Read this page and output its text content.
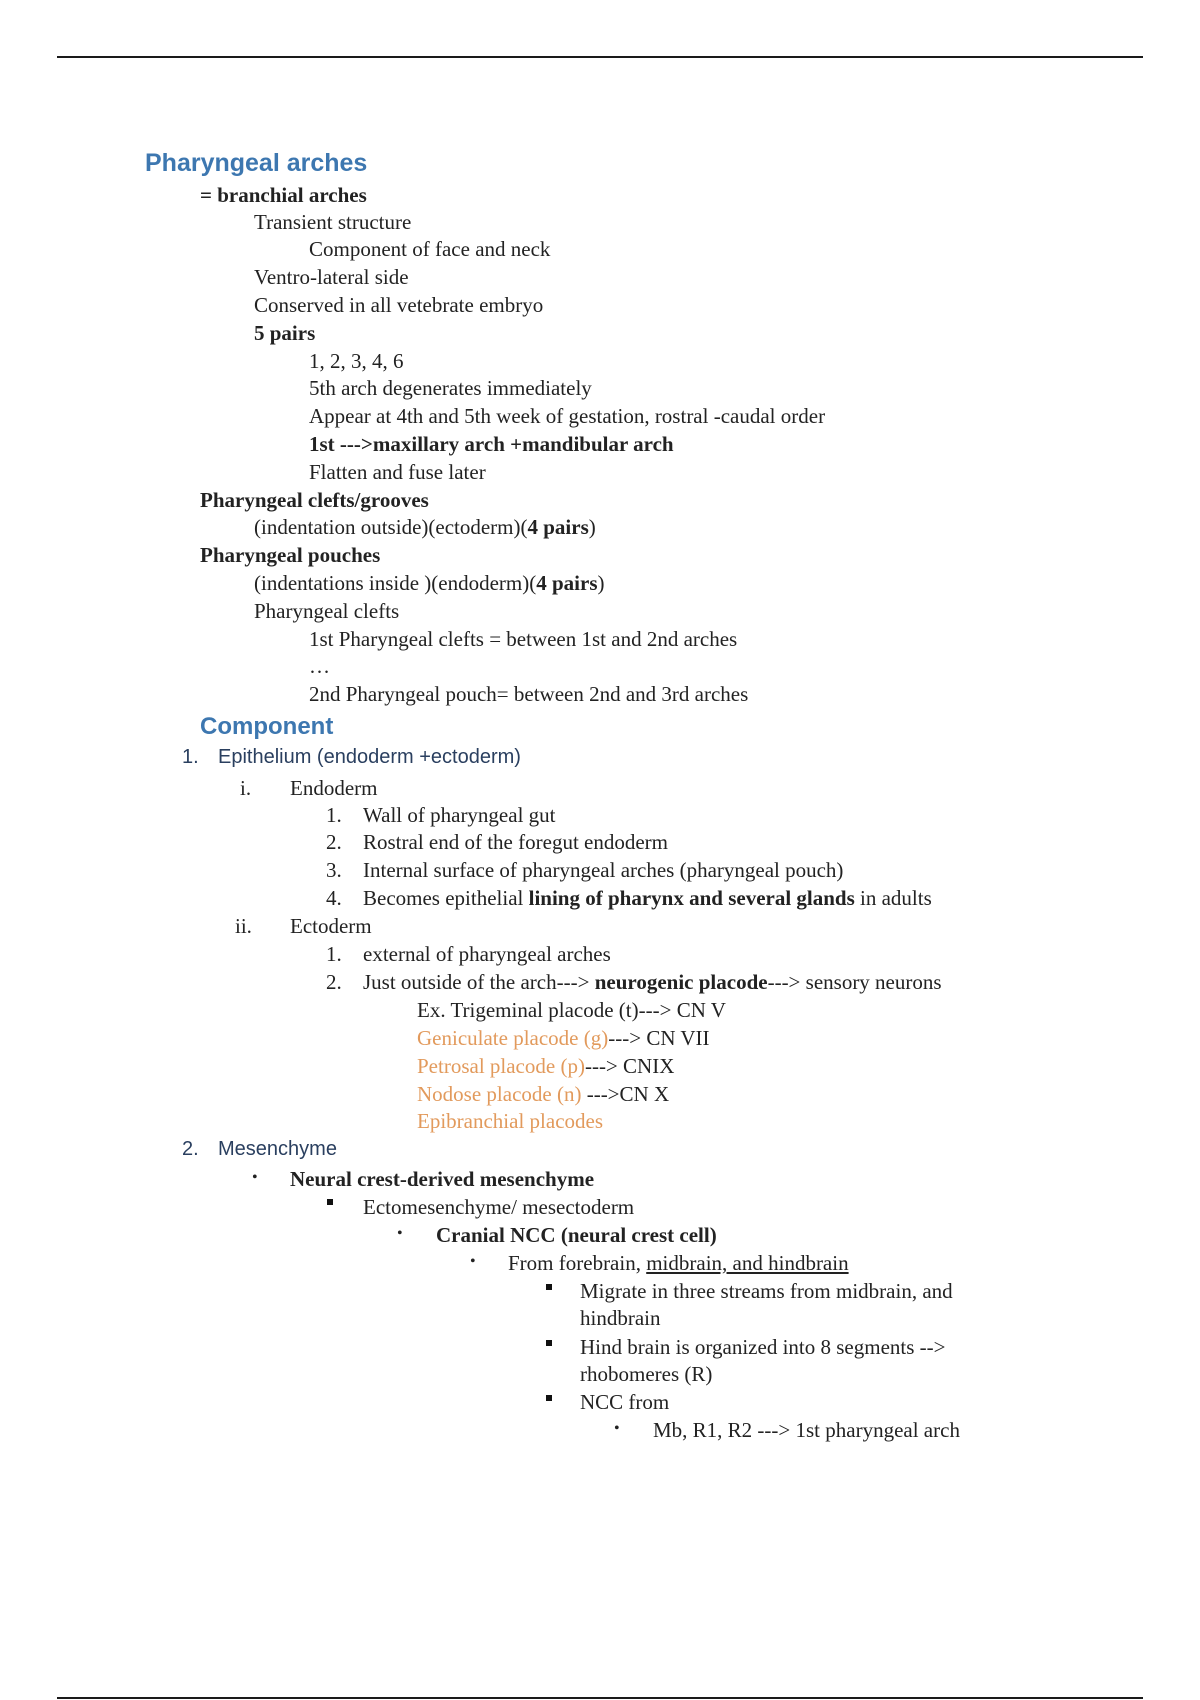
Pharyngeal arches
= branchial arches
Transient structure
Component of face and neck
Ventro-lateral side
Conserved in all vetebrate embryo
5 pairs
1, 2, 3, 4, 6
5th arch degenerates immediately
Appear at 4th and 5th week of gestation, rostral -caudal order
1st --->maxillary arch +mandibular arch
Flatten and fuse later
Pharyngeal clefts/grooves
(indentation outside)(ectoderm)(4 pairs)
Pharyngeal pouches
(indentations inside )(endoderm)(4 pairs)
Pharyngeal clefts
1st Pharyngeal clefts = between 1st and 2nd arches
…
2nd Pharyngeal pouch= between 2nd and 3rd arches
Component
1. Epithelium (endoderm +ectoderm)
i. Endoderm
1. Wall of pharyngeal gut
2. Rostral end of the foregut endoderm
3. Internal surface of pharyngeal arches (pharyngeal pouch)
4. Becomes epithelial lining of pharynx and several glands in adults
ii. Ectoderm
1. external of pharyngeal arches
2. Just outside of the arch---> neurogenic placode---> sensory neurons
Ex. Trigeminal placode (t)---> CN V
Geniculate placode (g)---> CN VII
Petrosal placode (p)---> CNIX
Nodose placode (n) --->CN X
Epibranchial placodes
2. Mesenchyme
• Neural crest-derived mesenchyme
Ectomesenchyme/ mesectoderm
• Cranial NCC (neural crest cell)
• From forebrain, midbrain, and hindbrain
Migrate in three streams from midbrain, and
hindbrain
Hind brain is organized into 8 segments -->
rhobomeres (R)
NCC from
• Mb, R1, R2 ---> 1st pharyngeal arch
